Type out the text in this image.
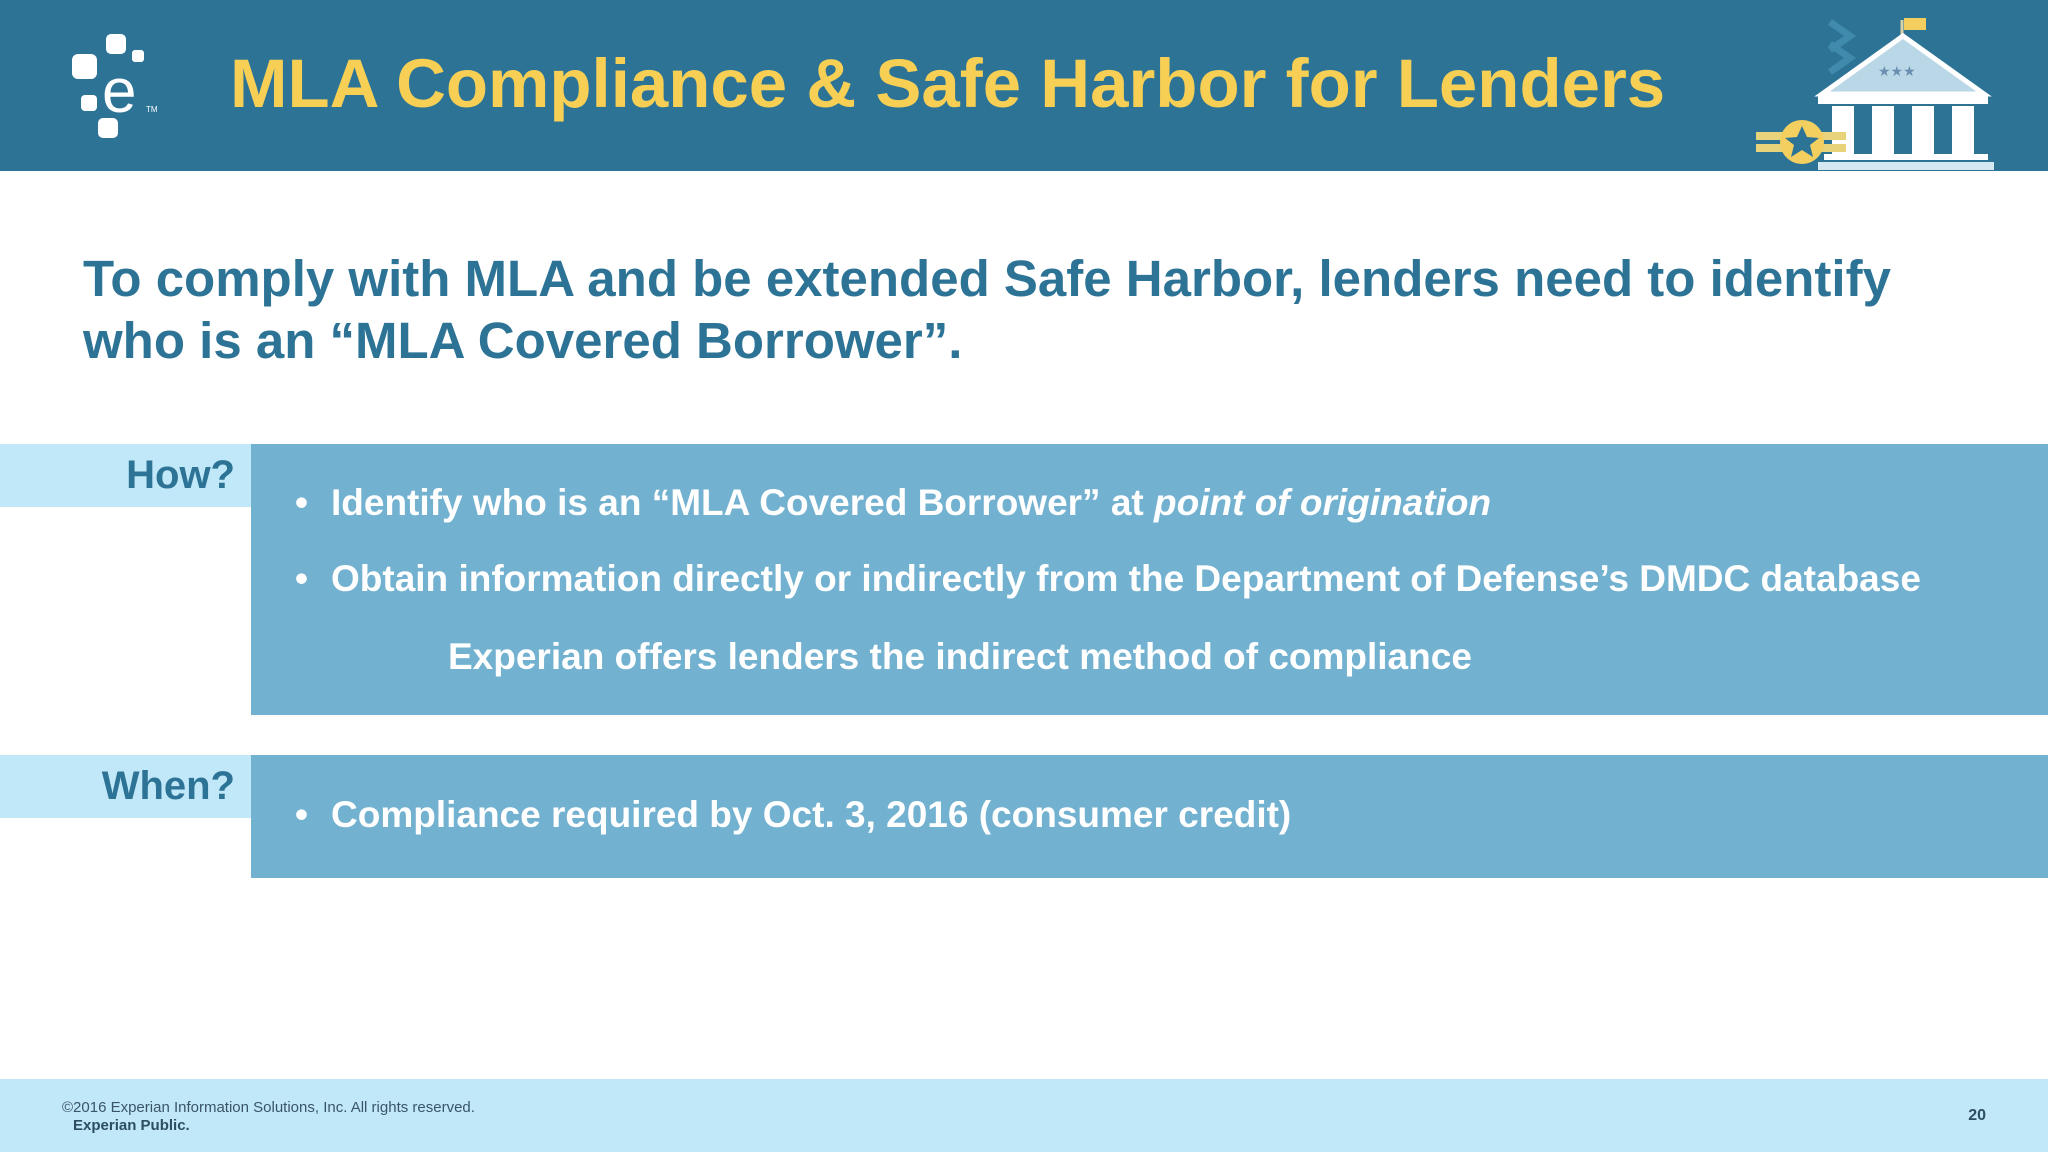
e TM MLA Compliance & Safe Harbor for Lenders	★★★
To comply with MLA and be extended Safe Harbor, lenders need to identify
who is an “MLA Covered Borrower”.
How?
• Identify who is an “MLA Covered Borrower” at point of origination
• Obtain information directly or indirectly from the Department of Defense’s DMDC database
Experian offers lenders the indirect method of compliance
When?
• Compliance required by Oct. 3, 2016 (consumer credit)
©2016 Experian Information Solutions, Inc. All rights reserved.
Experian Public.
20
